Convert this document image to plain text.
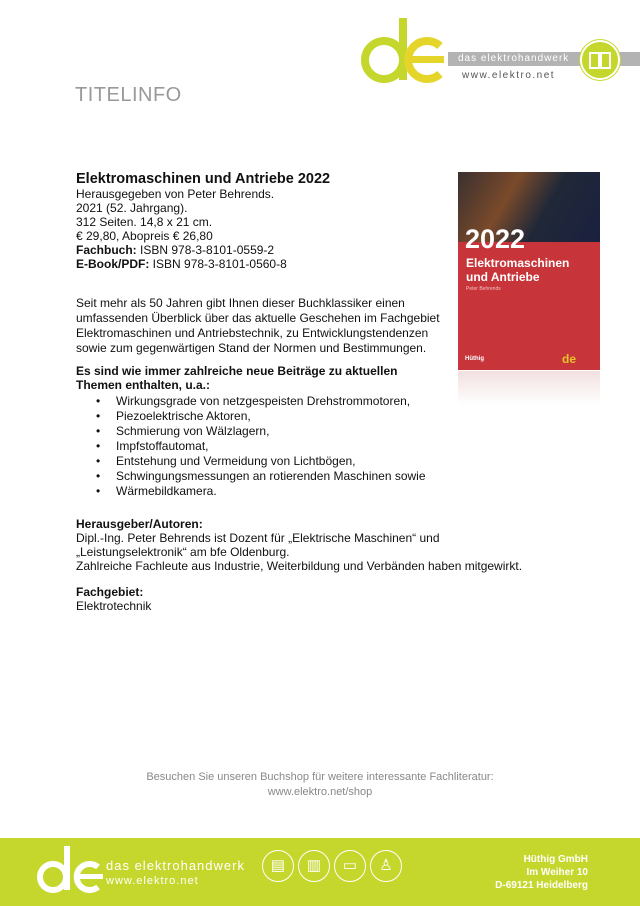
das elektrohandwerk
www.elektro.net
TITELINFO
Elektromaschinen und Antriebe 2022
Herausgegeben von Peter Behrends.
2021 (52. Jahrgang).
312 Seiten. 14,8 x 21 cm.
€ 29,80, Abopreis € 26,80
Fachbuch: ISBN 978-3-8101-0559-2
E-Book/PDF: ISBN 978-3-8101-0560-8
2022
Elektromaschinen
und Antriebe
Peter Behrends
Hüthig	de
Seit mehr als 50 Jahren gibt Ihnen dieser Buchklassiker einen umfassenden Überblick über das aktuelle Geschehen im Fachgebiet Elektromaschinen und Antriebstechnik, zu Entwicklungstendenzen sowie zum gegenwärtigen Stand der Normen und Bestimmungen.
Es sind wie immer zahlreiche neue Beiträge zu aktuellen Themen enthalten, u.a.:
• Wirkungsgrade von netzgespeisten Drehstrommotoren,
• Piezoelektrische Aktoren,
• Schmierung von Wälzlagern,
• Impfstoffautomat,
• Entstehung und Vermeidung von Lichtbögen,
• Schwingungsmessungen an rotierenden Maschinen sowie
• Wärmebildkamera.
Herausgeber/Autoren:
Dipl.-Ing. Peter Behrends ist Dozent für „Elektrische Maschinen“ und
„Leistungselektronik“ am bfe Oldenburg.
Zahlreiche Fachleute aus Industrie, Weiterbildung und Verbänden haben mitgewirkt.
Fachgebiet:
Elektrotechnik
Besuchen Sie unseren Buchshop für weitere interessante Fachliteratur:
www.elektro.net/shop
das elektrohandwerk
www.elektro.net
▤	▥	▭	♙	Hüthig GmbH
Im Weiher 10
D-69121 Heidelberg
